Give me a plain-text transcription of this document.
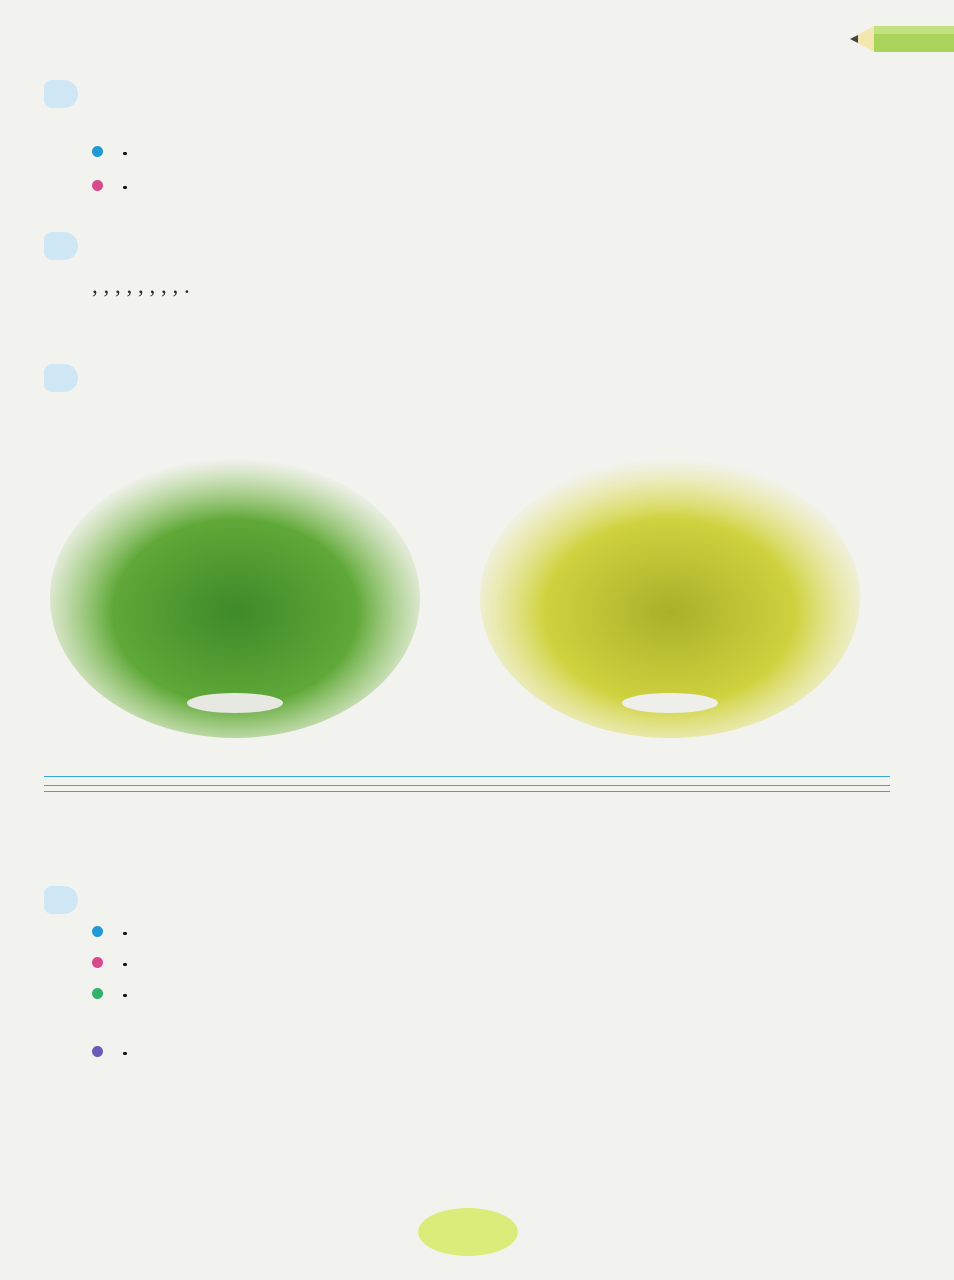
, , , , , , , , .
